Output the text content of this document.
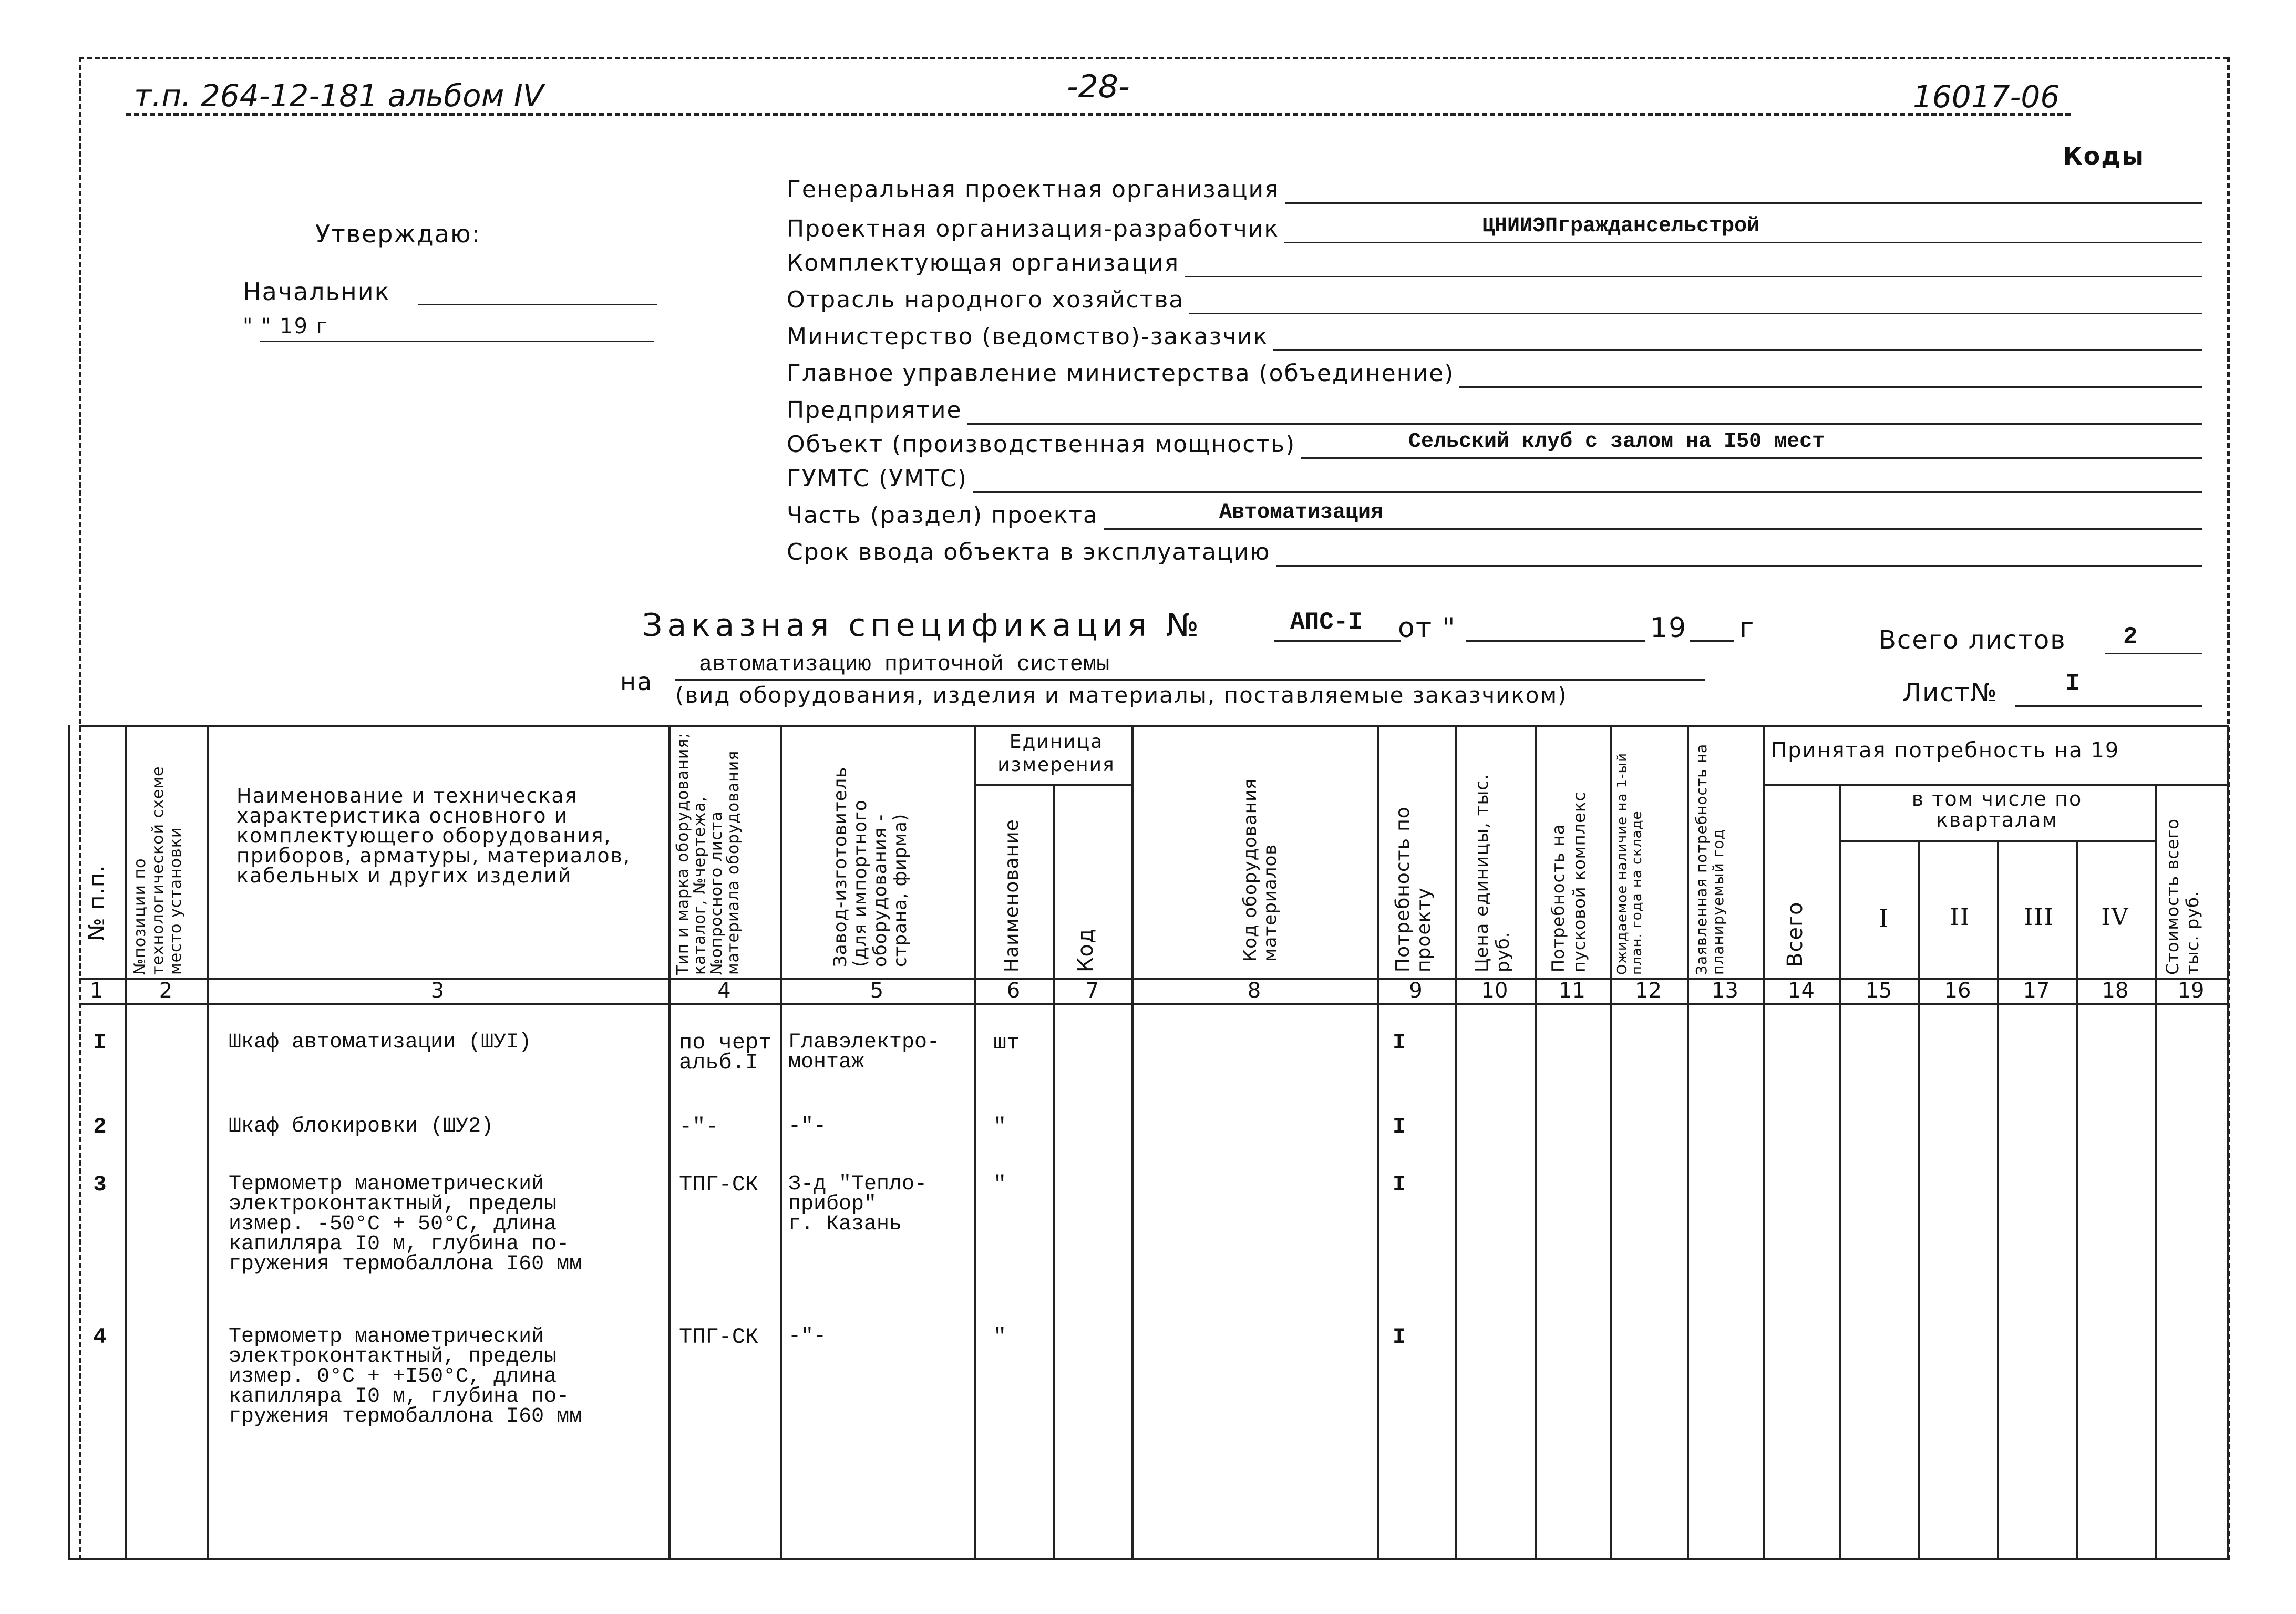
т.п. 264-12-181 альбом IV	-28-	16017-06
Коды
Утверждаю:
Начальник
" " 19 г
Генеральная проектная организация
Проектная организация-разработчик	ЦНИИЭПграждансельстрой
Комплектующая организация
Отрасль народного хозяйства
Министерство (ведомство)-заказчик
Главное управление министерства (объединение)
Предприятие
Объект (производственная мощность)	Сельский клуб с залом на I50 мест
ГУМТС (УМТС)
Часть (раздел) проекта	Автоматизация
Срок ввода объекта в эксплуатацию
Заказная спецификация №	АПС-I от "	19 г	Всего листов 2
на
автоматизацию приточной системы
(вид оборудования, изделия и материалы, поставляемые заказчиком)	Лист№	I
№ п.п. №позиции по технологической схеме место установки
Наименование и техническая характеристика основного и комплектующего оборудования, приборов, арматуры, материалов, кабельных и других изделий	Тип и марка оборудования; каталог, №чертежа, №опросного листа материала оборудования	Завод-изготовитель (для импортного оборудования - страна, фирма)
Единица измерения
Наименование Код	Код оборудования материалов	Потребность по проекту Цена единицы, тыс. руб. Потребность на пусковой комплекс Ожидаемое наличие на 1-ый план. года на складе	Заявленная потребность на планируемый год
Принятая потребность на 19
Всего
в том числе по кварталам
I	II III IV Стоимость всего тыс. руб.
1	2	3	4	5	6	7	8	9	10	11	12	13	14	15	16	17	18	19
I	Шкаф автоматизации (ШУI)	по черт
альб.I
Главэлектро-
монтаж
шт	I
2	Шкаф блокировки (ШУ2)	-"-	-"-	"	I
3	Термометр манометрический
электроконтактный, пределы
измер. -50°С + 50°С, длина
капилляра I0 м, глубина по-
гружения термобаллона I60 мм
ТПГ-СК	З-д "Тепло-
прибор"
г. Казань
"	I
4	Термометр манометрический
электроконтактный, пределы
измер. 0°С + +I50°С, длина
капилляра I0 м, глубина по-
гружения термобаллона I60 мм
ТПГ-СК	-"-	"	I
